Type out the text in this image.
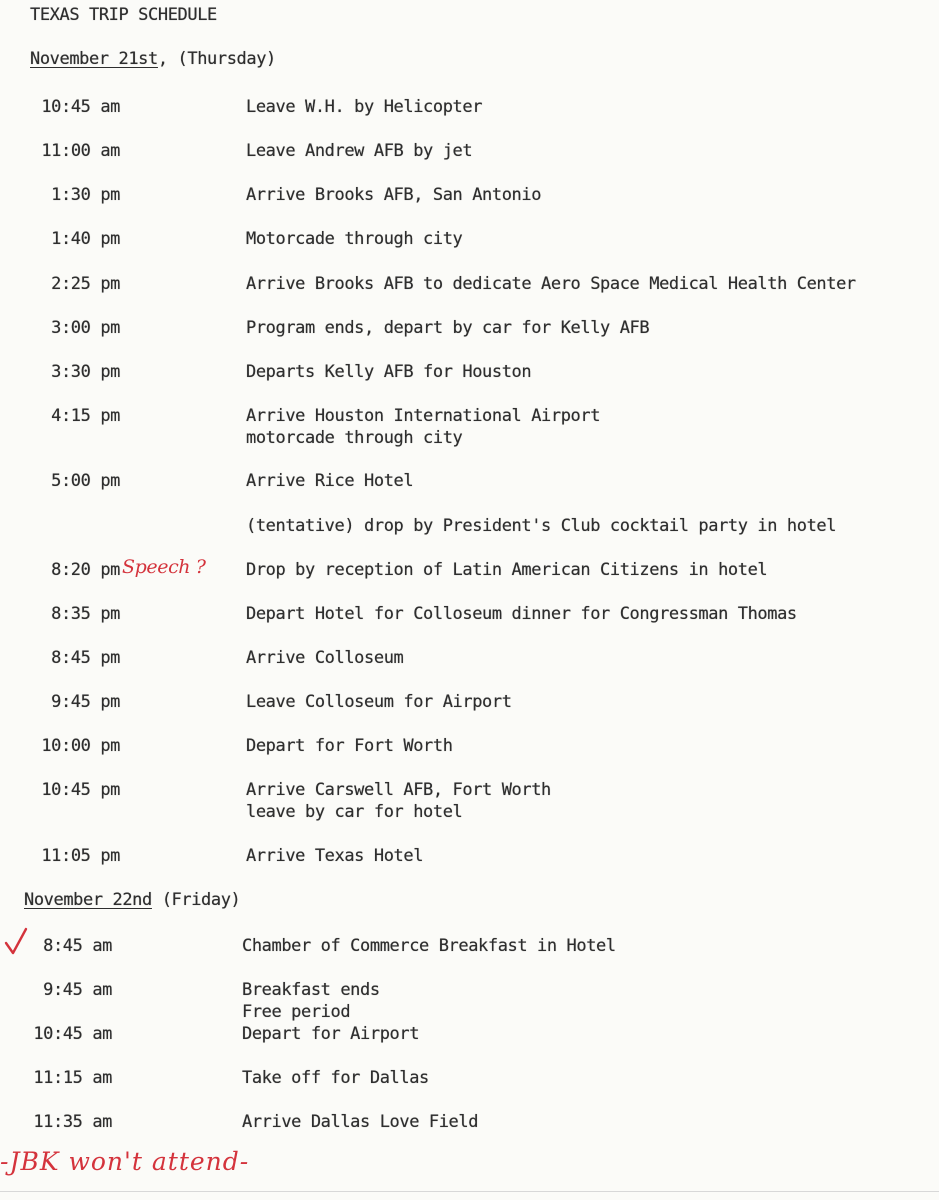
TEXAS TRIP SCHEDULE
November 21st, (Thursday)
10:45 am	Leave W.H. by Helicopter
11:00 am	Leave Andrew AFB by jet
1:30 pm	Arrive Brooks AFB, San Antonio
1:40 pm	Motorcade through city
2:25 pm	Arrive Brooks AFB to dedicate Aero Space Medical Health Center
3:00 pm	Program ends, depart by car for Kelly AFB
3:30 pm	Departs Kelly AFB for Houston
4:15 pm	Arrive Houston International Airport
motorcade through city
5:00 pm	Arrive Rice Hotel
(tentative) drop by President's Club cocktail party in hotel
8:20 pm	Drop by reception of Latin American Citizens in hotel
8:35 pm	Depart Hotel for Colloseum dinner for Congressman Thomas
8:45 pm	Arrive Colloseum
9:45 pm	Leave Colloseum for Airport
10:00 pm	Depart for Fort Worth
10:45 pm	Arrive Carswell AFB, Fort Worth
leave by car for hotel
11:05 pm	Arrive Texas Hotel
November 22nd (Friday)
8:45 am	Chamber of Commerce Breakfast in Hotel
9:45 am	Breakfast ends
Free period
10:45 am	Depart for Airport
11:15 am	Take off for Dallas
11:35 am	Arrive Dallas Love Field
Speech ?
-JBK won't attend-
